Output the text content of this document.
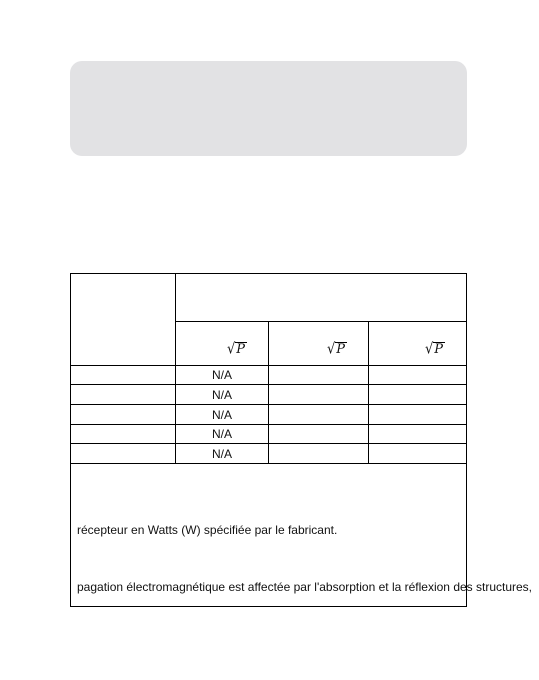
√P	√P	√P
N/A
N/A
N/A
N/A
N/A
récepteur en Watts (W) spécifiée par le fabricant.
pagation électromagnétique est affectée par l'absorption et la réflexion des structures,
